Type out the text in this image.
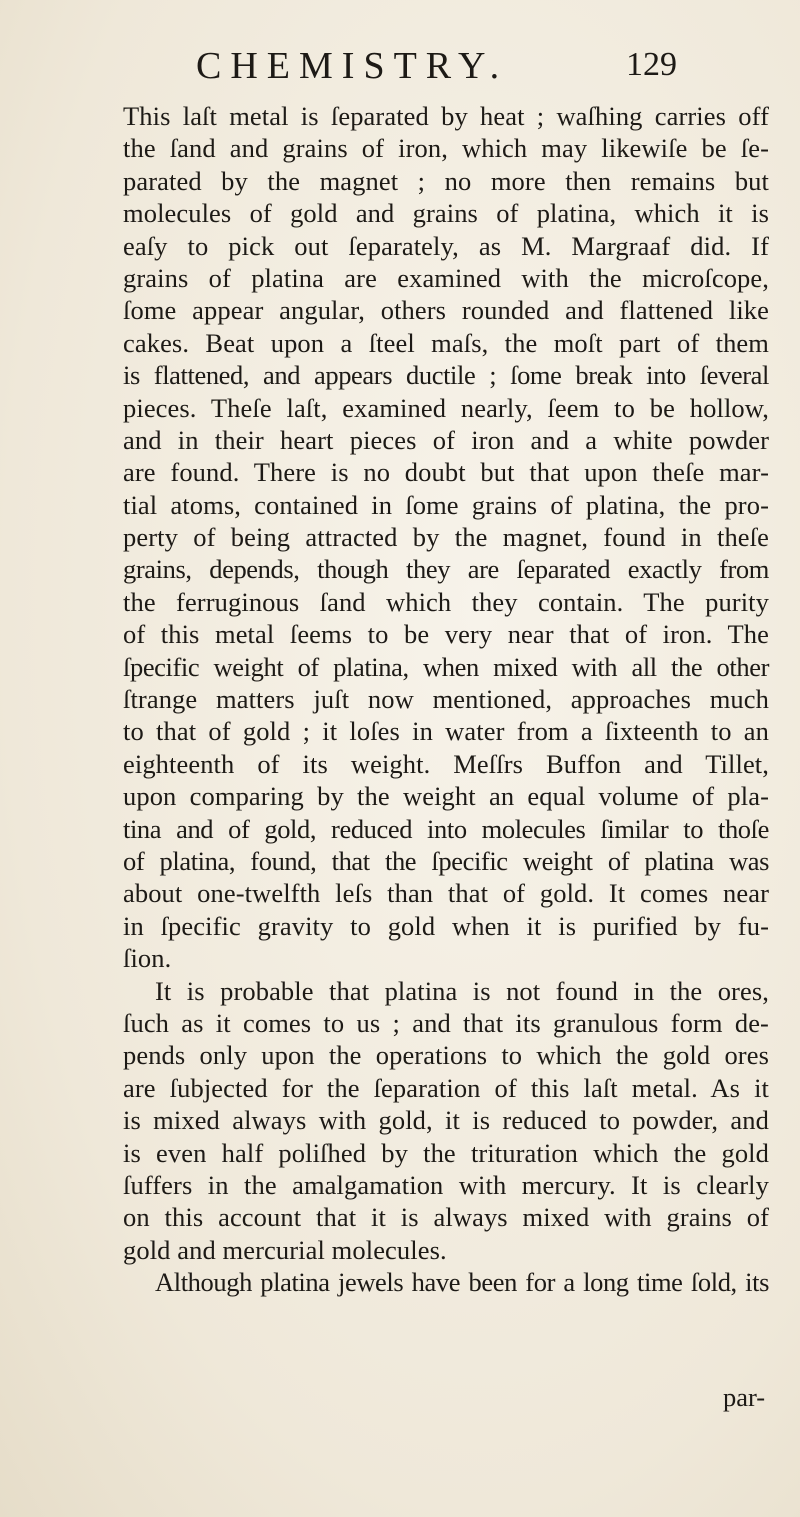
CHEMISTRY.	129
This laſt metal is ſeparated by heat ; waſhing carries off
the ſand and grains of iron, which may likewiſe be ſe-
parated by the magnet ; no more then remains but
molecules of gold and grains of platina, which it is
eaſy to pick out ſeparately, as M. Margraaf did. If
grains of platina are examined with the microſcope,
ſome appear angular, others rounded and flattened like
cakes. Beat upon a ſteel maſs, the moſt part of them
is flattened, and appears ductile ; ſome break into ſeveral
pieces. Theſe laſt, examined nearly, ſeem to be hollow,
and in their heart pieces of iron and a white powder
are found. There is no doubt but that upon theſe mar-
tial atoms, contained in ſome grains of platina, the pro-
perty of being attracted by the magnet, found in theſe
grains, depends, though they are ſeparated exactly from
the ferruginous ſand which they contain. The purity
of this metal ſeems to be very near that of iron. The
ſpecific weight of platina, when mixed with all the other
ſtrange matters juſt now mentioned, approaches much
to that of gold ; it loſes in water from a ſixteenth to an
eighteenth of its weight. Meſſrs Buffon and Tillet,
upon comparing by the weight an equal volume of pla-
tina and of gold, reduced into molecules ſimilar to thoſe
of platina, found, that the ſpecific weight of platina was
about one-twelfth leſs than that of gold. It comes near
in ſpecific gravity to gold when it is purified by fu-
ſion.
It is probable that platina is not found in the ores,
ſuch as it comes to us ; and that its granulous form de-
pends only upon the operations to which the gold ores
are ſubjected for the ſeparation of this laſt metal. As it
is mixed always with gold, it is reduced to powder, and
is even half poliſhed by the trituration which the gold
ſuffers in the amalgamation with mercury. It is clearly
on this account that it is always mixed with grains of
gold and mercurial molecules.
Although platina jewels have been for a long time ſold, its
par-
